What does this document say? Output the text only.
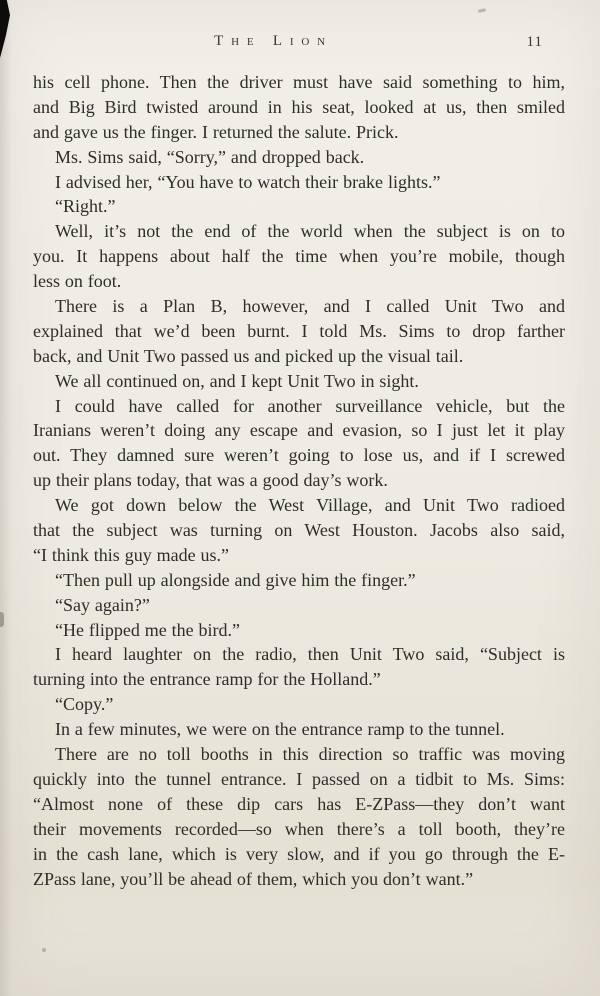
The Lion	11
his cell phone. Then the driver must have said something to him,
and Big Bird twisted around in his seat, looked at us, then smiled
and gave us the finger. I returned the salute. Prick.
Ms. Sims said, “Sorry,” and dropped back.
I advised her, “You have to watch their brake lights.”
“Right.”
Well, it’s not the end of the world when the subject is on to
you. It happens about half the time when you’re mobile, though
less on foot.
There is a Plan B, however, and I called Unit Two and
explained that we’d been burnt. I told Ms. Sims to drop farther
back, and Unit Two passed us and picked up the visual tail.
We all continued on, and I kept Unit Two in sight.
I could have called for another surveillance vehicle, but the
Iranians weren’t doing any escape and evasion, so I just let it play
out. They damned sure weren’t going to lose us, and if I screwed
up their plans today, that was a good day’s work.
We got down below the West Village, and Unit Two radioed
that the subject was turning on West Houston. Jacobs also said,
“I think this guy made us.”
“Then pull up alongside and give him the finger.”
“Say again?”
“He flipped me the bird.”
I heard laughter on the radio, then Unit Two said, “Subject is
turning into the entrance ramp for the Holland.”
“Copy.”
In a few minutes, we were on the entrance ramp to the tunnel.
There are no toll booths in this direction so traffic was moving
quickly into the tunnel entrance. I passed on a tidbit to Ms. Sims:
“Almost none of these dip cars has E-ZPass—they don’t want
their movements recorded—so when there’s a toll booth, they’re
in the cash lane, which is very slow, and if you go through the E-
ZPass lane, you’ll be ahead of them, which you don’t want.”
